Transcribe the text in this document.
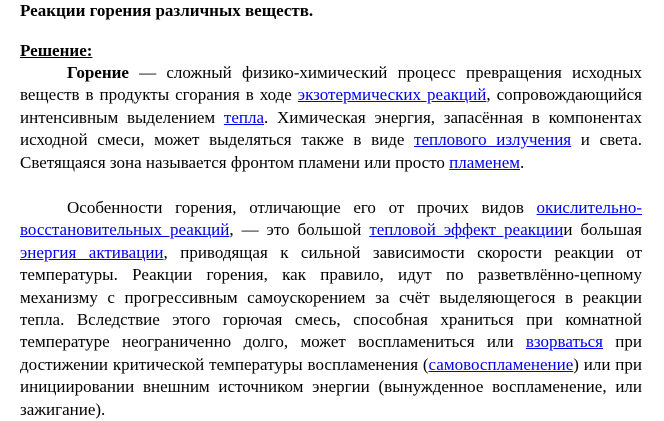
Реакции горения различных веществ.
Решение:

Горение — сложный физико-химический процесс превращения исходных веществ в продукты сгорания в ходе экзотермических реакций, сопровождающийся интенсивным выделением тепла. Химическая энергия, запасённая в компонентах исходной смеси, может выделяться также в виде теплового излучения и света. Светящаяся зона называется фронтом пламени или просто пламенем.

Особенности горения, отличающие его от прочих видов окислительно-восстановительных реакций, — это большой тепловой эффект реакциии большая энергия активации, приводящая к сильной зависимости скорости реакции от температуры. Реакции горения, как правило, идут по разветвлённо-цепному механизму с прогрессивным самоускорением за счёт выделяющегося в реакции тепла. Вследствие этого горючая смесь, способная храниться при комнатной температуре неограниченно долго, может воспламениться или взорваться при достижении критической температуры воспламенения (самовоспламенение) или при инициировании внешним источником энергии (вынужденное воспламенение, или зажигание).
